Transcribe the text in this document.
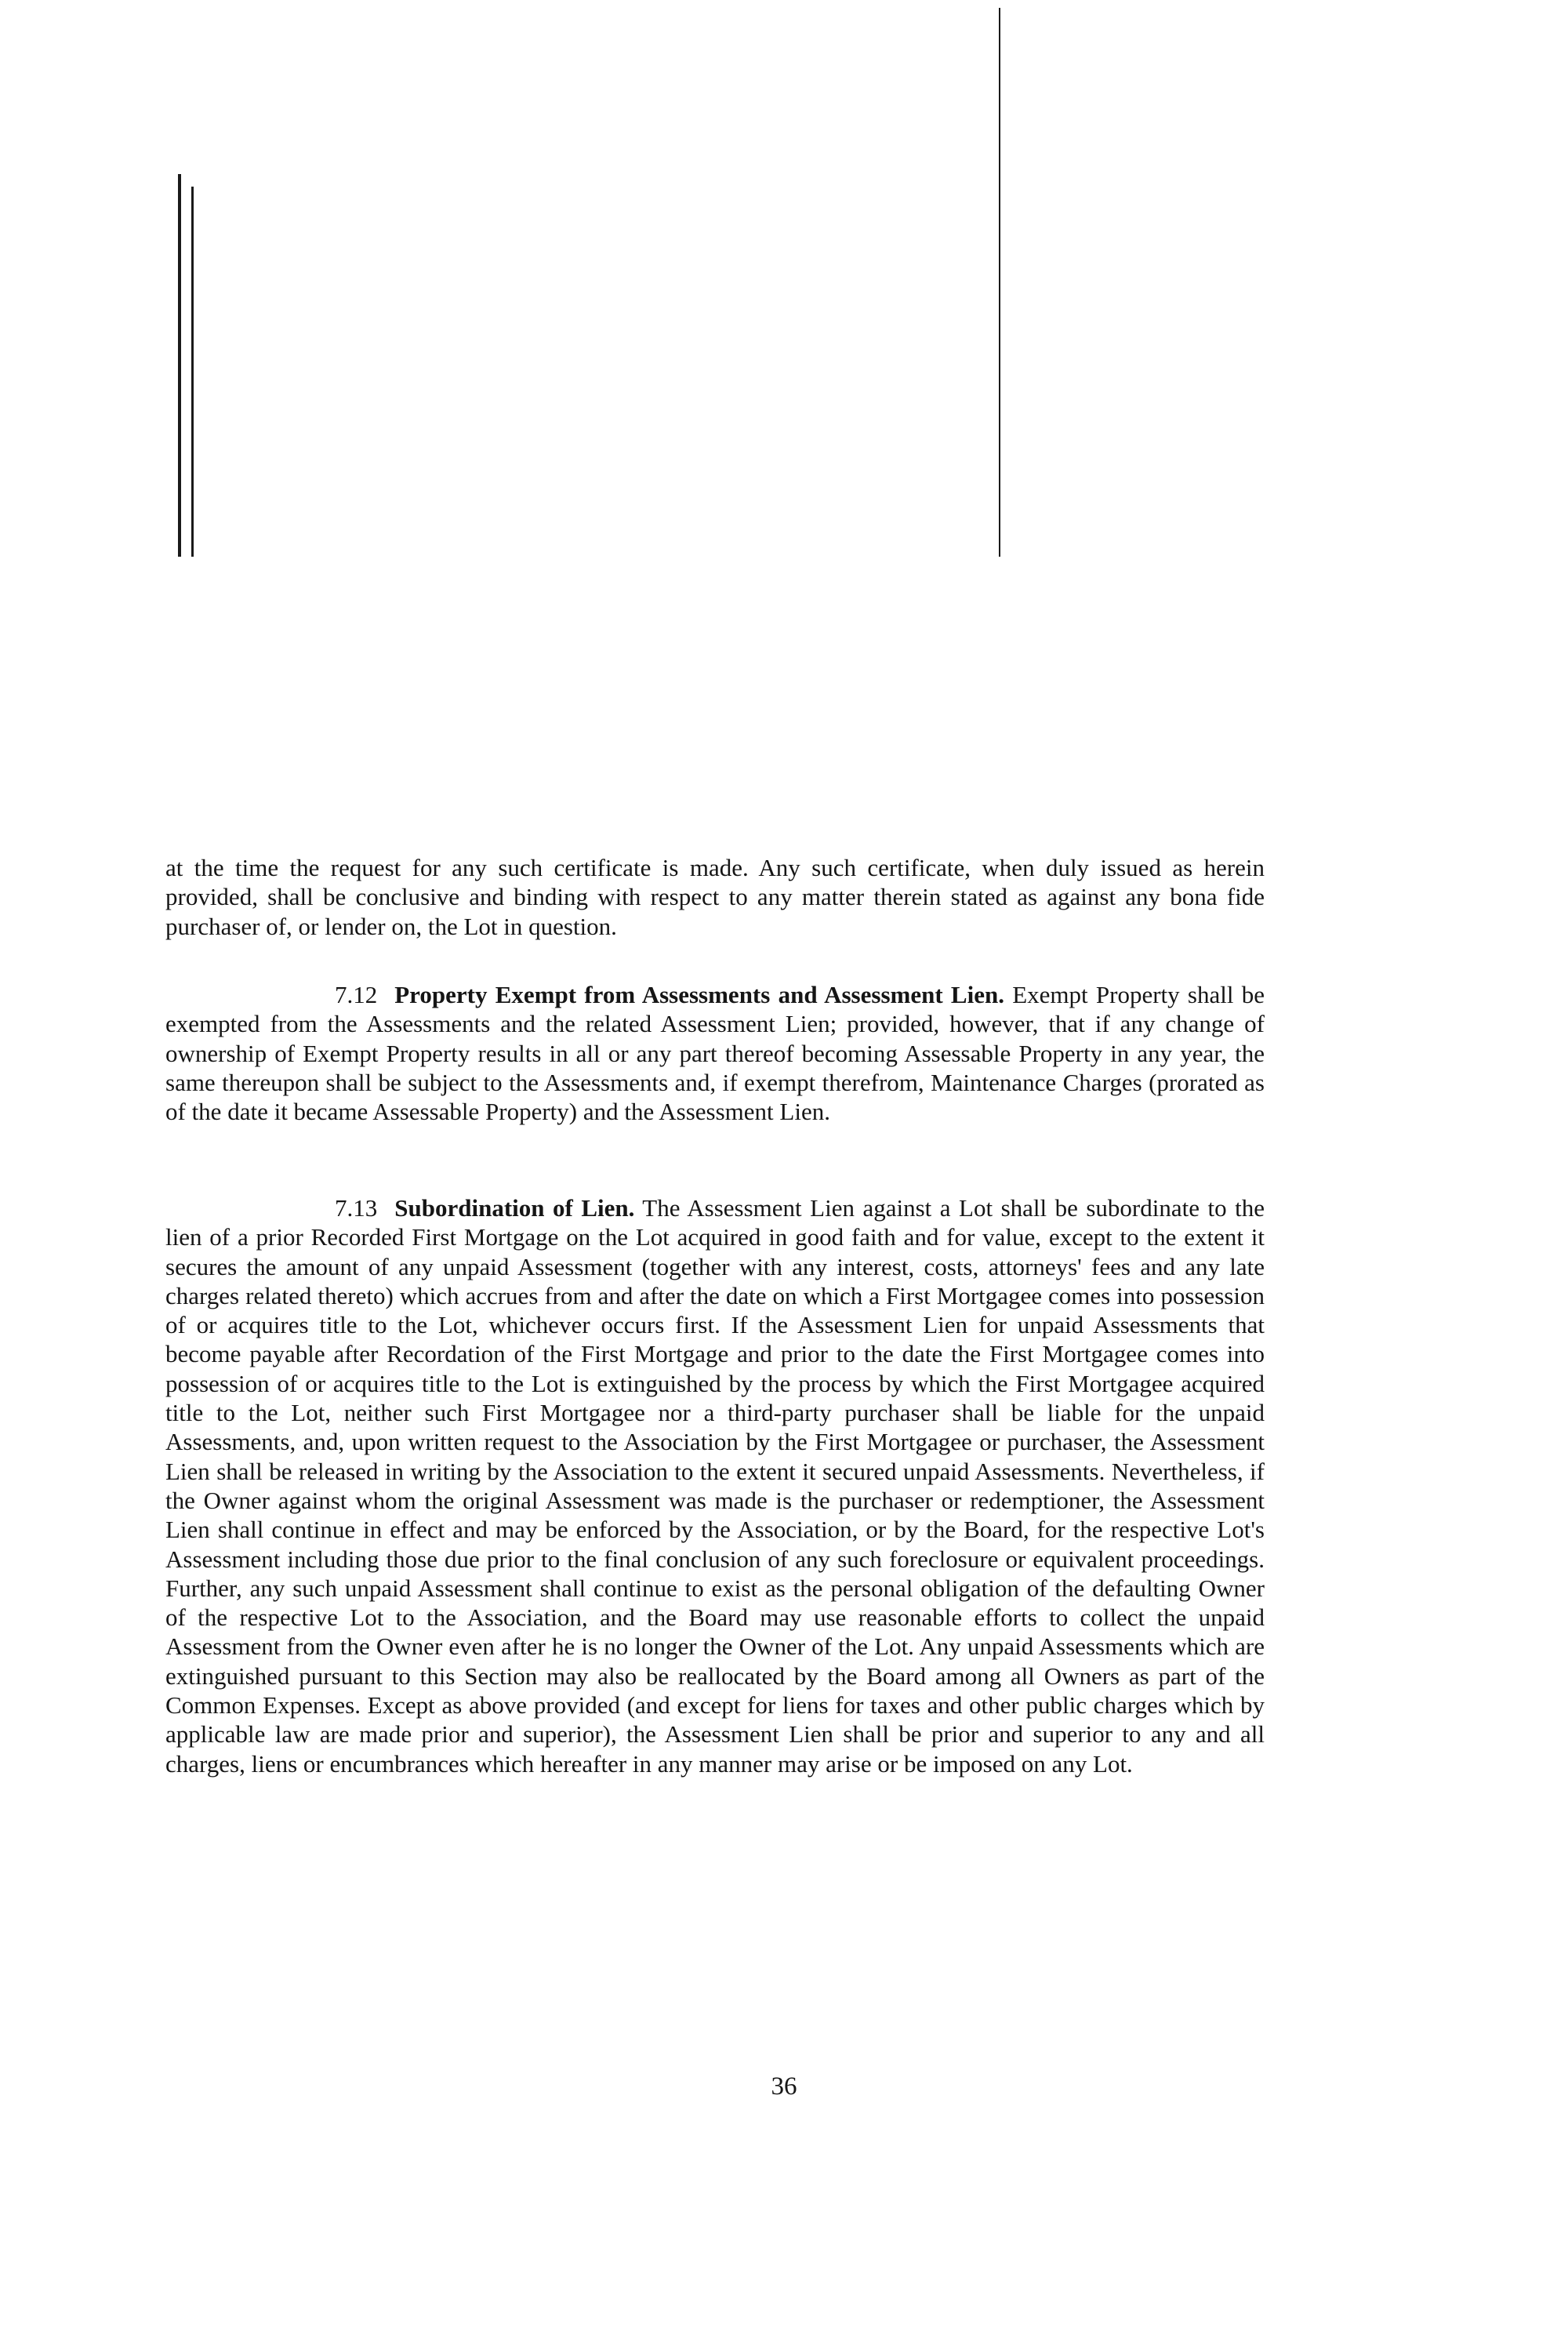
at the time the request for any such certificate is made. Any such certificate, when duly issued as herein provided, shall be conclusive and binding with respect to any matter therein stated as against any bona fide purchaser of, or lender on, the Lot in question.

7.12 Property Exempt from Assessments and Assessment Lien. Exempt Property shall be exempted from the Assessments and the related Assessment Lien; provided, however, that if any change of ownership of Exempt Property results in all or any part thereof becoming Assessable Property in any year, the same thereupon shall be subject to the Assessments and, if exempt therefrom, Maintenance Charges (prorated as of the date it became Assessable Property) and the Assessment Lien.

7.13 Subordination of Lien. The Assessment Lien against a Lot shall be subordinate to the lien of a prior Recorded First Mortgage on the Lot acquired in good faith and for value, except to the extent it secures the amount of any unpaid Assessment (together with any interest, costs, attorneys' fees and any late charges related thereto) which accrues from and after the date on which a First Mortgagee comes into possession of or acquires title to the Lot, whichever occurs first. If the Assessment Lien for unpaid Assessments that become payable after Recordation of the First Mortgage and prior to the date the First Mortgagee comes into possession of or acquires title to the Lot is extinguished by the process by which the First Mortgagee acquired title to the Lot, neither such First Mortgagee nor a third-party purchaser shall be liable for the unpaid Assessments, and, upon written request to the Association by the First Mortgagee or purchaser, the Assessment Lien shall be released in writing by the Association to the extent it secured unpaid Assessments. Nevertheless, if the Owner against whom the original Assessment was made is the purchaser or redemptioner, the Assessment Lien shall continue in effect and may be enforced by the Association, or by the Board, for the respective Lot's Assessment including those due prior to the final conclusion of any such foreclosure or equivalent proceedings. Further, any such unpaid Assessment shall continue to exist as the personal obligation of the defaulting Owner of the respective Lot to the Association, and the Board may use reasonable efforts to collect the unpaid Assessment from the Owner even after he is no longer the Owner of the Lot. Any unpaid Assessments which are extinguished pursuant to this Section may also be reallocated by the Board among all Owners as part of the Common Expenses. Except as above provided (and except for liens for taxes and other public charges which by applicable law are made prior and superior), the Assessment Lien shall be prior and superior to any and all charges, liens or encumbrances which hereafter in any manner may arise or be imposed on any Lot.

36
